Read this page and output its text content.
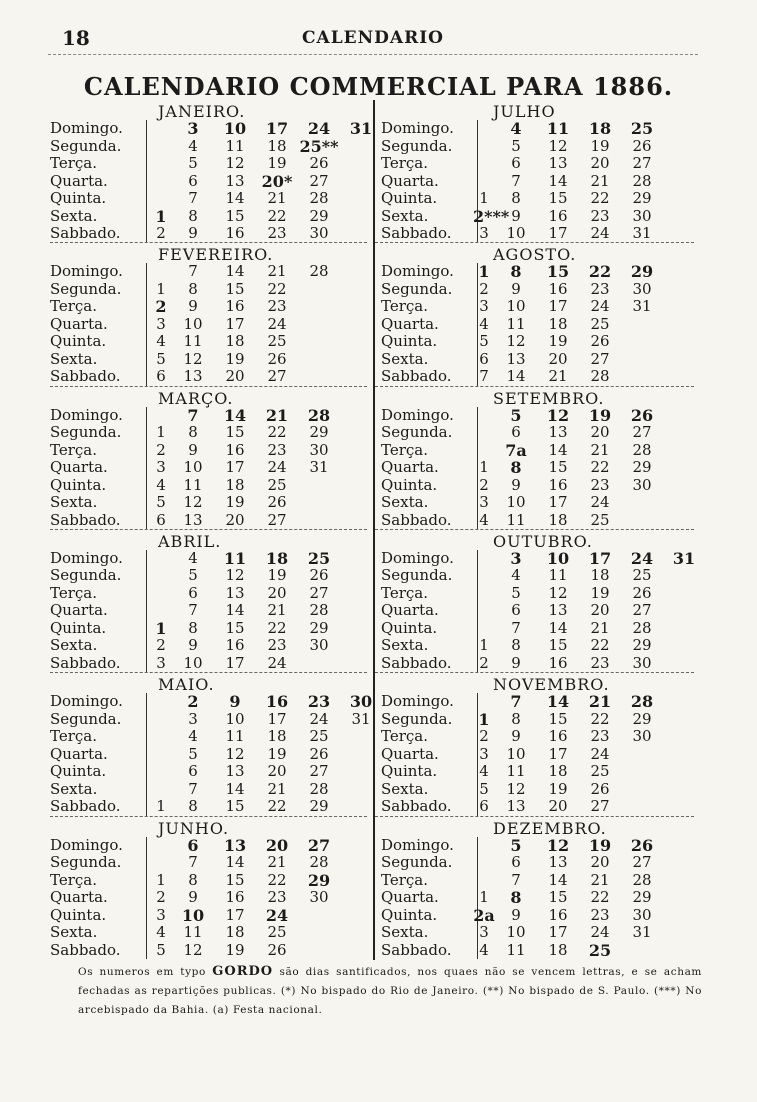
18	CALENDARIO
CALENDARIO COMMERCIAL PARA 1886.
JANEIRO.
Domingo.
Segunda.
Terça.
Quarta.
Quinta.
Sexta.
Sabbado.
1
2
3
4
5
6
7
8
9
10
11
12
13
14
15
16
17
18
19
20*
21
22
23
24
25**
26
27
28
29
30
31
JULHO
Domingo.
Segunda.
Terça.
Quarta.
Quinta.
Sexta.
Sabbado.
1
2***
3
4
5
6
7
8
9
10
11
12
13
14
15
16
17
18
19
20
21
22
23
24
25
26
27
28
29
30
31
FEVEREIRO.
Domingo.
Segunda.
Terça.
Quarta.
Quinta.
Sexta.
Sabbado.
1
2
3
4
5
6
7
8
9
10
11
12
13
14
15
16
17
18
19
20
21
22
23
24
25
26
27
28
AGOSTO.
Domingo.
Segunda.
Terça.
Quarta.
Quinta.
Sexta.
Sabbado.
1
2
3
4
5
6
7
8
9
10
11
12
13
14
15
16
17
18
19
20
21
22
23
24
25
26
27
28
29
30
31
MARÇO.
Domingo.
Segunda.
Terça.
Quarta.
Quinta.
Sexta.
Sabbado.
1
2
3
4
5
6
7
8
9
10
11
12
13
14
15
16
17
18
19
20
21
22
23
24
25
26
27
28
29
30
31
SETEMBRO.
Domingo.
Segunda.
Terça.
Quarta.
Quinta.
Sexta.
Sabbado.
1
2
3
4
5
6
7a
8
9
10
11
12
13
14
15
16
17
18
19
20
21
22
23
24
25
26
27
28
29
30
ABRIL.
Domingo.
Segunda.
Terça.
Quarta.
Quinta.
Sexta.
Sabbado.
1
2
3
4
5
6
7
8
9
10
11
12
13
14
15
16
17
18
19
20
21
22
23
24
25
26
27
28
29
30
OUTUBRO.
Domingo.
Segunda.
Terça.
Quarta.
Quinta.
Sexta.
Sabbado.
1
2
3
4
5
6
7
8
9
10
11
12
13
14
15
16
17
18
19
20
21
22
23
24
25
26
27
28
29
30
31
MAIO.
Domingo.
Segunda.
Terça.
Quarta.
Quinta.
Sexta.
Sabbado.	1
2
3
4
5
6
7
8
9
10
11
12
13
14
15
16
17
18
19
20
21
22
23
24
25
26
27
28
29
30
31
NOVEMBRO.
Domingo.
Segunda.
Terça.
Quarta.
Quinta.
Sexta.
Sabbado.
1
2
3
4
5
6
7
8
9
10
11
12
13
14
15
16
17
18
19
20
21
22
23
24
25
26
27
28
29
30
JUNHO.
Domingo.
Segunda.
Terça.
Quarta.
Quinta.
Sexta.
Sabbado.
1
2
3
4
5
6
7
8
9
10
11
12
13
14
15
16
17
18
19
20
21
22
23
24
25
26
27
28
29
30
DEZEMBRO.
Domingo.
Segunda.
Terça.
Quarta.
Quinta.
Sexta.
Sabbado.
1
2a
3
4
5
6
7
8
9
10
11
12
13
14
15
16
17
18
19
20
21
22
23
24
25
26
27
28
29
30
31
Os numeros em typo GORDO são dias santificados, nos quaes não se vencem lettras, e se acham fechadas as repartições publicas. (*) No bispado do Rio de Janeiro. (**) No bispado de S. Paulo. (***) No arcebispado da Bahia. (a) Festa nacional.
